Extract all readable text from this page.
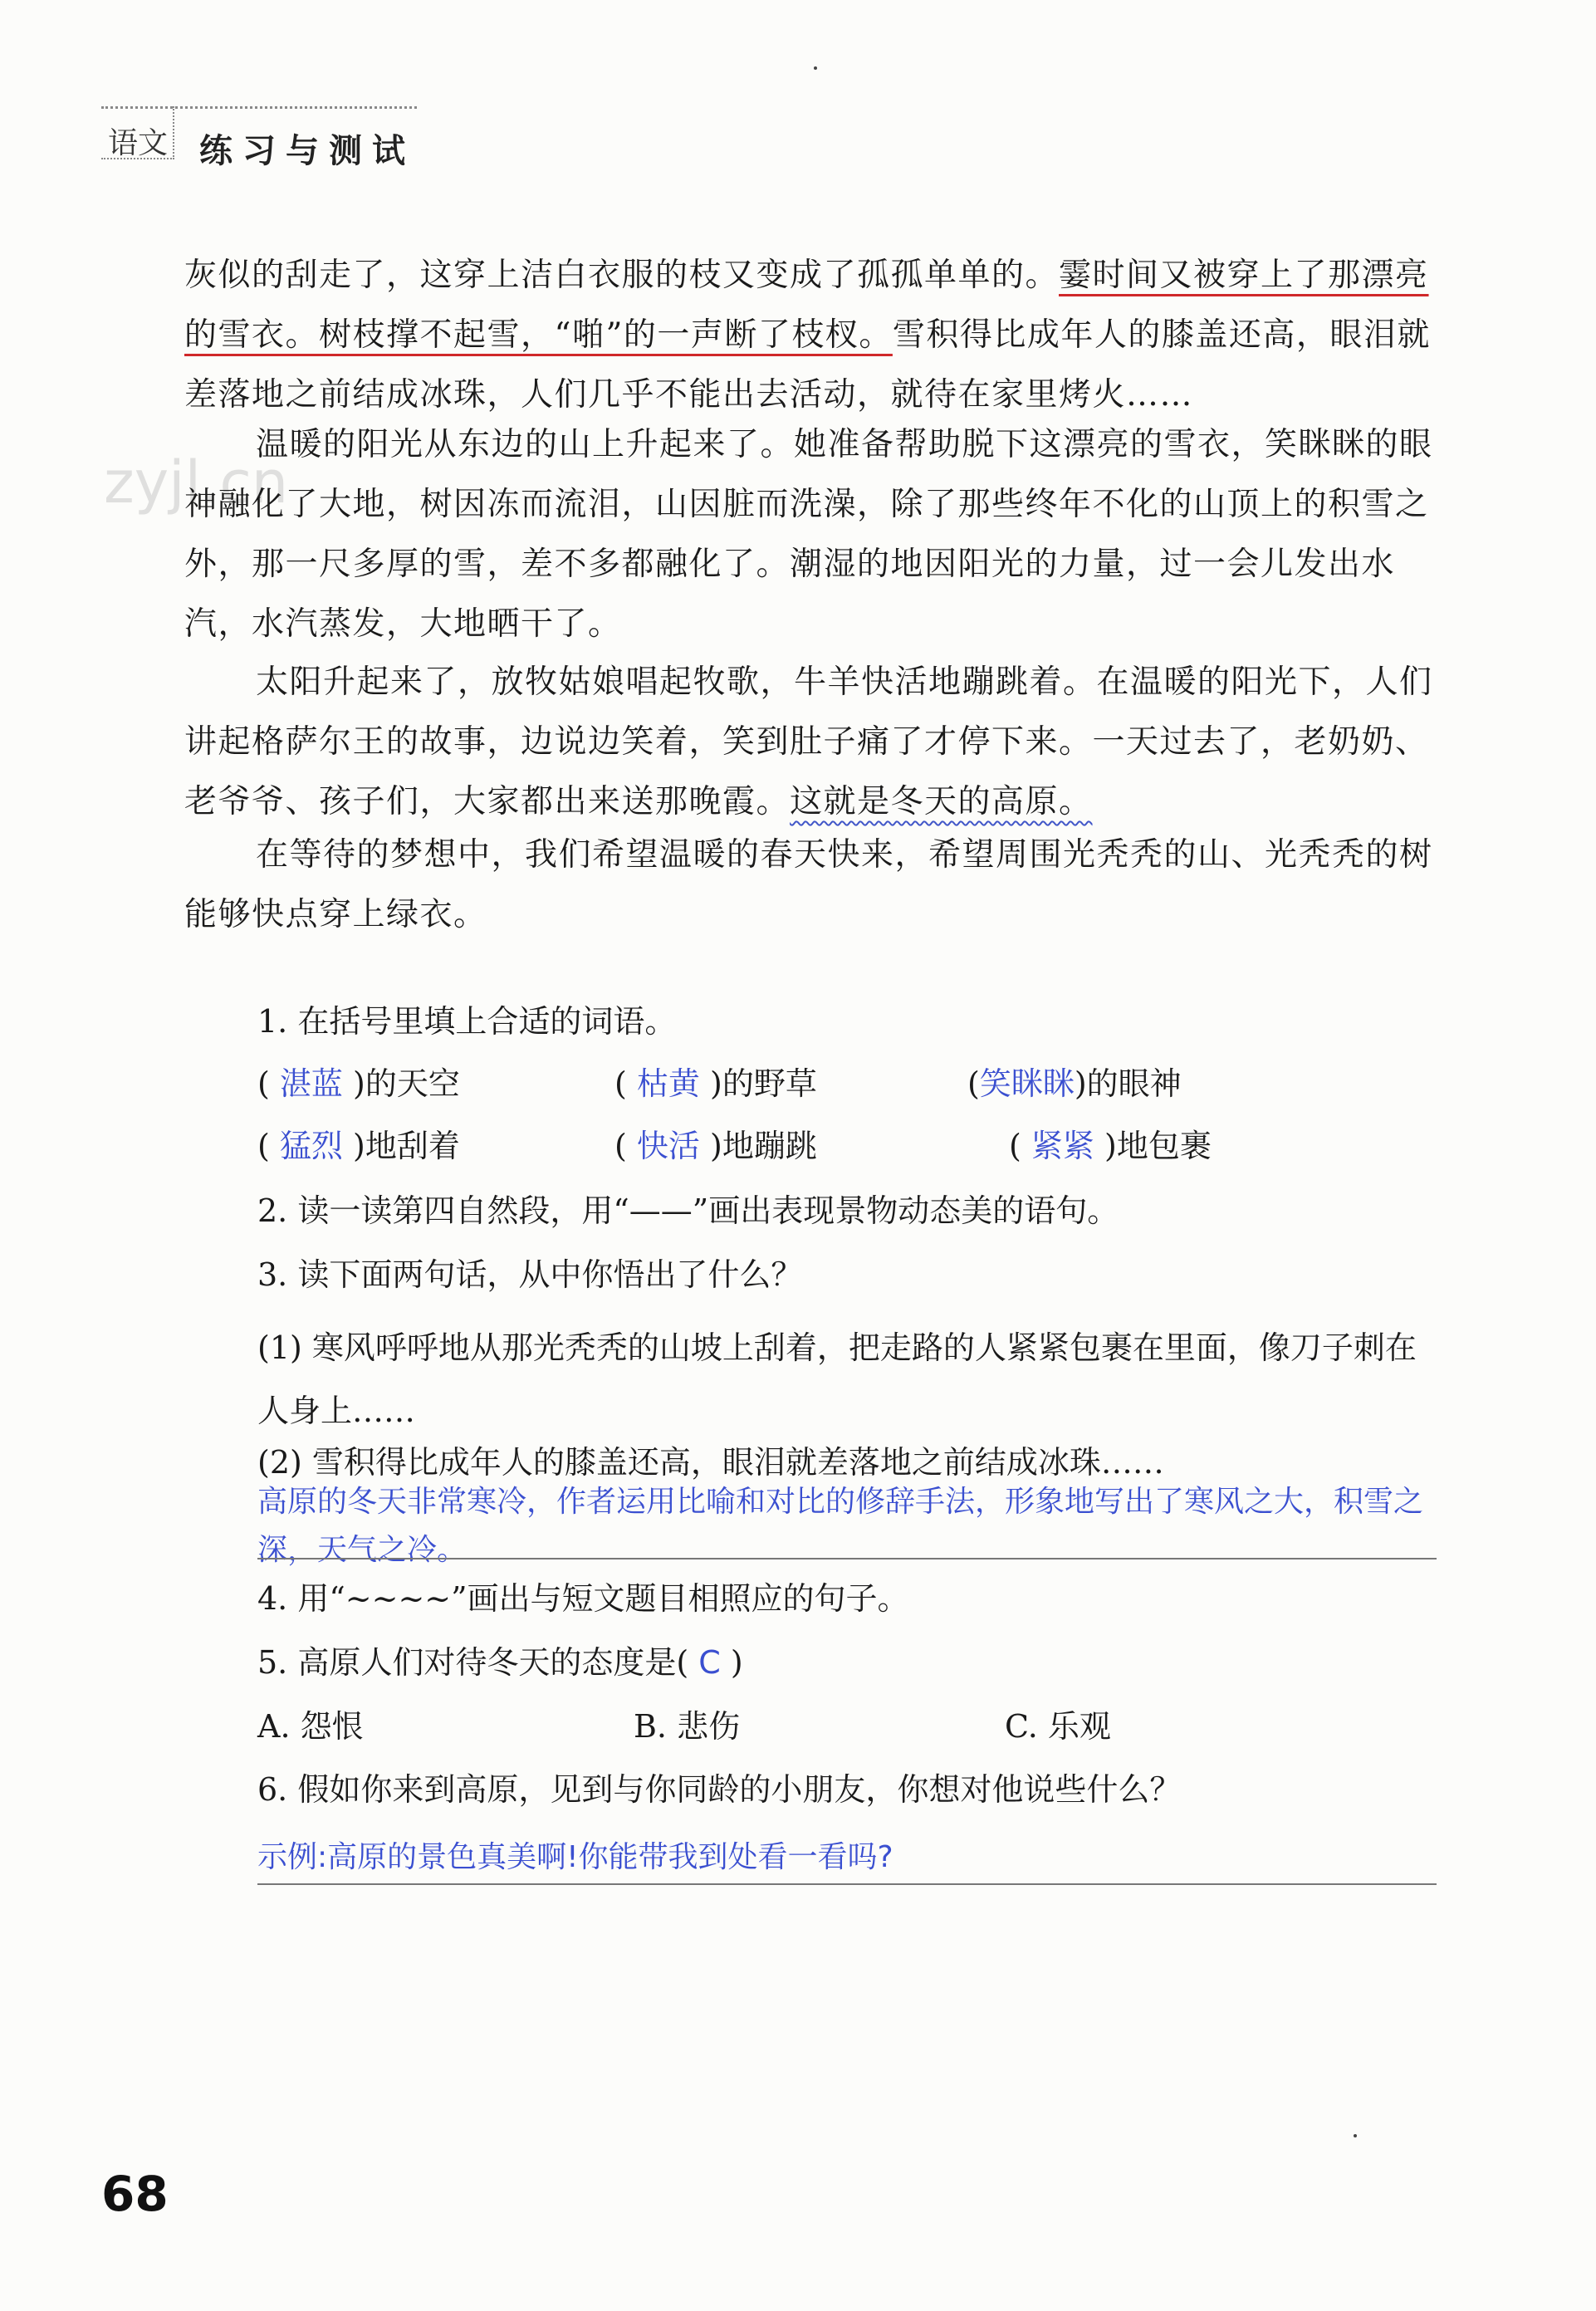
语文 练习与测试
zyjl.cn

灰似的刮走了，这穿上洁白衣服的枝又变成了孤孤单单的。霎时间又被穿上了那漂亮的雪衣。树枝撑不起雪，“啪”的一声断了枝杈。雪积得比成年人的膝盖还高，眼泪就差落地之前结成冰珠，人们几乎不能出去活动，就待在家里烤火……

温暖的阳光从东边的山上升起来了。她准备帮助脱下这漂亮的雪衣，笑眯眯的眼神融化了大地，树因冻而流泪，山因脏而洗澡，除了那些终年不化的山顶上的积雪之外，那一尺多厚的雪，差不多都融化了。潮湿的地因阳光的力量，过一会儿发出水汽，水汽蒸发，大地晒干了。

太阳升起来了，放牧姑娘唱起牧歌，牛羊快活地蹦跳着。在温暖的阳光下，人们讲起格萨尔王的故事，边说边笑着，笑到肚子痛了才停下来。一天过去了，老奶奶、老爷爷、孩子们，大家都出来送那晚霞。这就是冬天的高原。

在等待的梦想中，我们希望温暖的春天快来，希望周围光秃秃的山、光秃秃的树能够快点穿上绿衣。

1. 在括号里填上合适的词语。
( 湛蓝 )的天空	( 枯黄 )的野草	(笑眯眯)的眼神
( 猛烈 )地刮着	( 快活 )地蹦跳	( 紧紧 )地包裹
2. 读一读第四自然段，用“——”画出表现景物动态美的语句。
3. 读下面两句话，从中你悟出了什么？
(1) 寒风呼呼地从那光秃秃的山坡上刮着，把走路的人紧紧包裹在里面，像刀子刺在人身上……
(2) 雪积得比成年人的膝盖还高，眼泪就差落地之前结成冰珠……
高原的冬天非常寒冷，作者运用比喻和对比的修辞手法，形象地写出了寒风之大，积雪之深，天气之冷。
4. 用“~~~~”画出与短文题目相照应的句子。
5. 高原人们对待冬天的态度是( C )
A. 怨恨	B. 悲伤	C. 乐观
6. 假如你来到高原，见到与你同龄的小朋友，你想对他说些什么？
示例:高原的景色真美啊!你能带我到处看一看吗?
68
